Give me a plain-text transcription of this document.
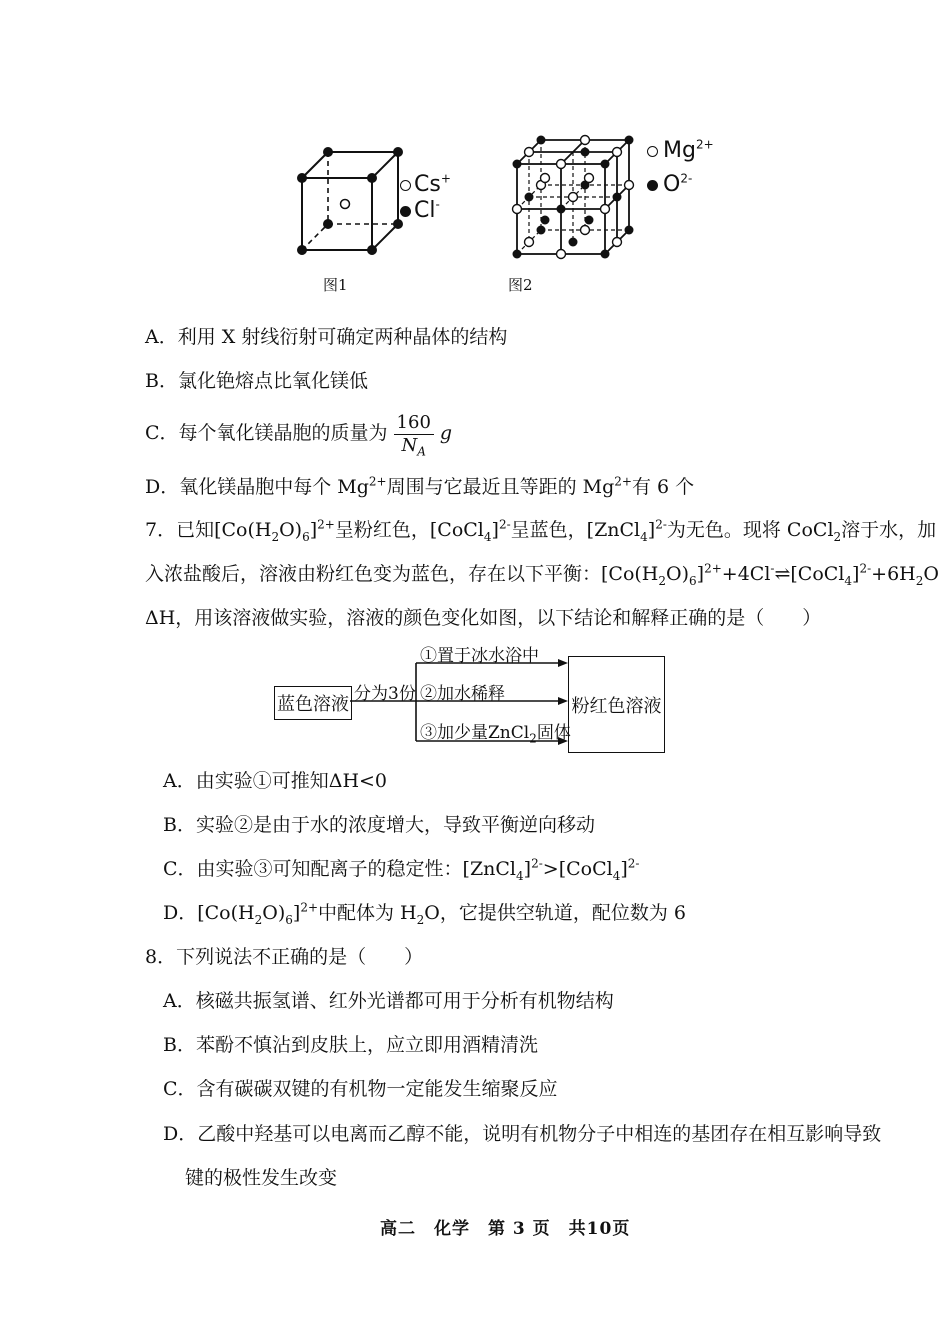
Cs+
Cl-
$Mg^{2+}$
$O^{2-}$
图1	图2
A．利用 X 射线衍射可确定两种晶体的结构
B．氯化铯熔点比氧化镁低
C．每个氧化镁晶胞的质量为 $\frac{160}{N_A}$ g
D．氧化镁晶胞中每个 $Mg^{2+}$周围与它最近且等距的 $Mg^{2+}$有 6 个
7．已知$[Co(H_2O)_6]^{2+}$呈粉红色，[CoCl$_4$]$^{2-}$呈蓝色，[ZnCl$_4$]$^{2-}$为无色。现将 CoCl$_2$溶于水，加
入浓盐酸后，溶液由粉红色变为蓝色，存在以下平衡：$[Co(H_2O)_6]^{2+}+4Cl^-\rightleftharpoons[CoCl_4]^{2-}+6H_2O$
ΔH，用该溶液做实验，溶液的颜色变化如图，以下结论和解释正确的是（　　）
蓝色溶液	粉红色溶液
分为3份
①置于冰水浴中
②加水稀释
③加少量ZnCl$_2$固体
A．由实验①可推知ΔH<0
B．实验②是由于水的浓度增大，导致平衡逆向移动
C．由实验③可知配离子的稳定性：[ZnCl$_4$]$^{2-}$>[CoCl$_4$]$^{2-}$
D．$[Co(H_2O)_6]^{2+}$中配体为 $H_2O$，它提供空轨道，配位数为 6
8．下列说法不正确的是（　　）
A．核磁共振氢谱、红外光谱都可用于分析有机物结构
B．苯酚不慎沾到皮肤上，应立即用酒精清洗
C．含有碳碳双键的有机物一定能发生缩聚反应
D．乙酸中羟基可以电离而乙醇不能，说明有机物分子中相连的基团存在相互影响导致
键的极性发生改变
高二　化学　第 3 页　共10页
